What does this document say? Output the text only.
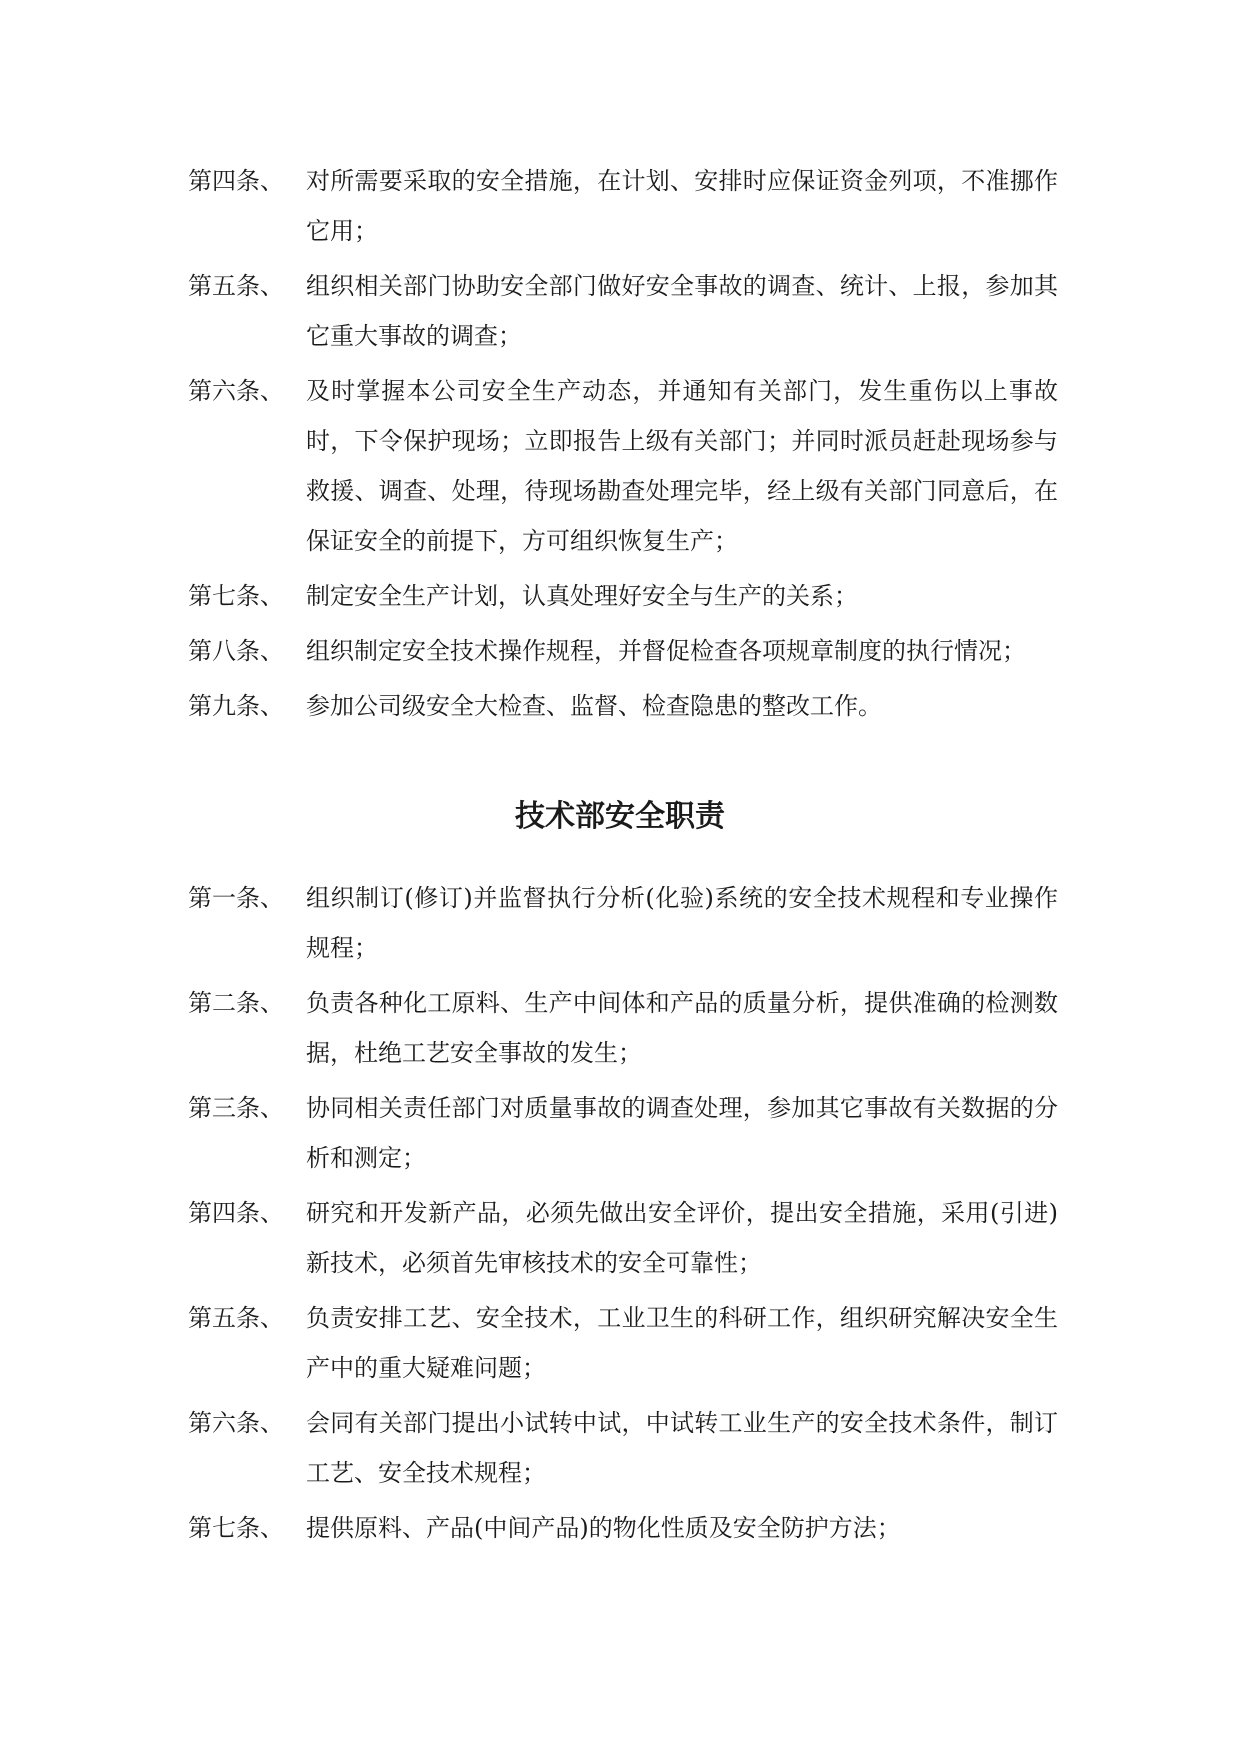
第四条、 对所需要采取的安全措施，在计划、安排时应保证资金列项，不准挪作它用；
第五条、 组织相关部门协助安全部门做好安全事故的调查、统计、上报，参加其它重大事故的调查；
第六条、 及时掌握本公司安全生产动态，并通知有关部门，发生重伤以上事故时，下令保护现场；立即报告上级有关部门；并同时派员赶赴现场参与救援、调查、处理，待现场勘查处理完毕，经上级有关部门同意后，在保证安全的前提下，方可组织恢复生产；
第七条、 制定安全生产计划，认真处理好安全与生产的关系；
第八条、 组织制定安全技术操作规程，并督促检查各项规章制度的执行情况；
第九条、 参加公司级安全大检查、监督、检查隐患的整改工作。
技术部安全职责
第一条、 组织制订(修订)并监督执行分析(化验)系统的安全技术规程和专业操作规程；
第二条、 负责各种化工原料、生产中间体和产品的质量分析，提供准确的检测数据，杜绝工艺安全事故的发生；
第三条、 协同相关责任部门对质量事故的调查处理，参加其它事故有关数据的分析和测定；
第四条、 研究和开发新产品，必须先做出安全评价，提出安全措施，采用(引进)新技术，必须首先审核技术的安全可靠性；
第五条、 负责安排工艺、安全技术，工业卫生的科研工作，组织研究解决安全生产中的重大疑难问题；
第六条、 会同有关部门提出小试转中试，中试转工业生产的安全技术条件，制订工艺、安全技术规程；
第七条、 提供原料、产品(中间产品)的物化性质及安全防护方法；
